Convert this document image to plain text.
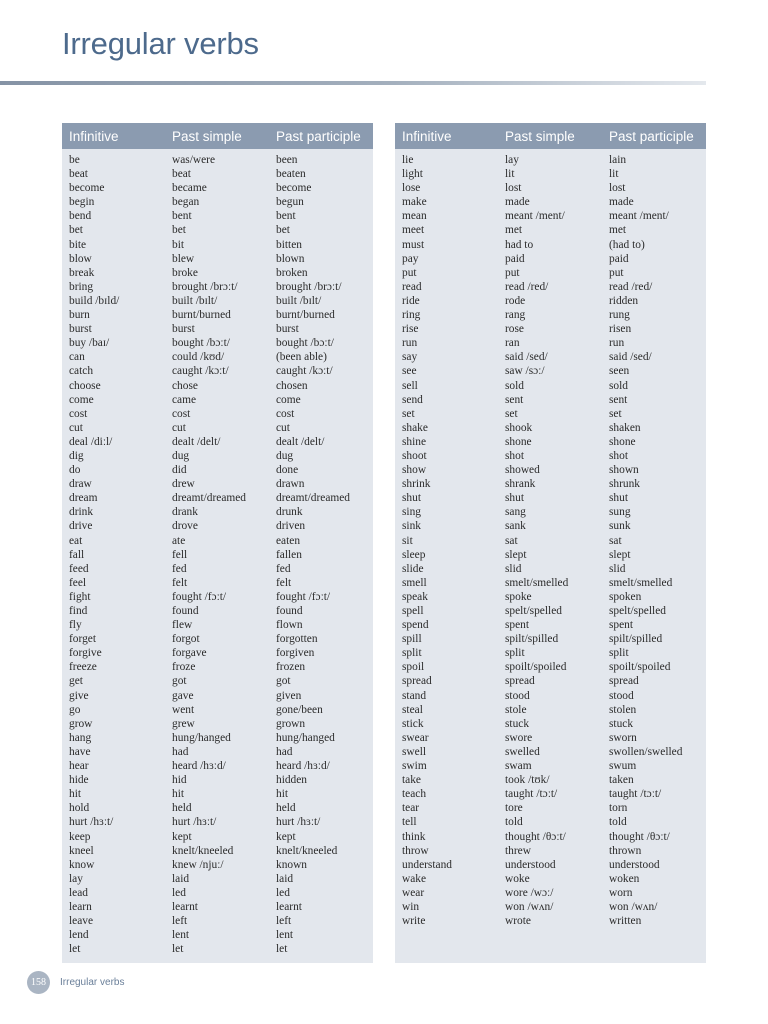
Irregular verbs
Infinitive	Past simple	Past participle
be	was/were	been
beat	beat	beaten
become	became	become
begin	began	begun
bend	bent	bent
bet	bet	bet
bite	bit	bitten
blow	blew	blown
break	broke	broken
bring	brought /brɔːt/	brought /brɔːt/
build /bɪld/	built /bɪlt/	built /bɪlt/
burn	burnt/burned	burnt/burned
burst	burst	burst
buy /baɪ/	bought /bɔːt/	bought /bɔːt/
can	could /kʊd/	(been able)
catch	caught /kɔːt/	caught /kɔːt/
choose	chose	chosen
come	came	come
cost	cost	cost
cut	cut	cut
deal /diːl/	dealt /delt/	dealt /delt/
dig	dug	dug
do	did	done
draw	drew	drawn
dream	dreamt/dreamed	dreamt/dreamed
drink	drank	drunk
drive	drove	driven
eat	ate	eaten
fall	fell	fallen
feed	fed	fed
feel	felt	felt
fight	fought /fɔːt/	fought /fɔːt/
find	found	found
fly	flew	flown
forget	forgot	forgotten
forgive	forgave	forgiven
freeze	froze	frozen
get	got	got
give	gave	given
go	went	gone/been
grow	grew	grown
hang	hung/hanged	hung/hanged
have	had	had
hear	heard /hɜːd/	heard /hɜːd/
hide	hid	hidden
hit	hit	hit
hold	held	held
hurt /hɜːt/	hurt /hɜːt/	hurt /hɜːt/
keep	kept	kept
kneel	knelt/kneeled	knelt/kneeled
know	knew /njuː/	known
lay	laid	laid
lead	led	led
learn	learnt	learnt
leave	left	left
lend	lent	lent
let	let	let
Infinitive	Past simple	Past participle
lie	lay	lain
light	lit	lit
lose	lost	lost
make	made	made
mean	meant /ment/	meant /ment/
meet	met	met
must	had to	(had to)
pay	paid	paid
put	put	put
read	read /red/	read /red/
ride	rode	ridden
ring	rang	rung
rise	rose	risen
run	ran	run
say	said /sed/	said /sed/
see	saw /sɔː/	seen
sell	sold	sold
send	sent	sent
set	set	set
shake	shook	shaken
shine	shone	shone
shoot	shot	shot
show	showed	shown
shrink	shrank	shrunk
shut	shut	shut
sing	sang	sung
sink	sank	sunk
sit	sat	sat
sleep	slept	slept
slide	slid	slid
smell	smelt/smelled	smelt/smelled
speak	spoke	spoken
spell	spelt/spelled	spelt/spelled
spend	spent	spent
spill	spilt/spilled	spilt/spilled
split	split	split
spoil	spoilt/spoiled	spoilt/spoiled
spread	spread	spread
stand	stood	stood
steal	stole	stolen
stick	stuck	stuck
swear	swore	sworn
swell	swelled	swollen/swelled
swim	swam	swum
take	took /tʊk/	taken
teach	taught /tɔːt/	taught /tɔːt/
tear	tore	torn
tell	told	told
think	thought /θɔːt/	thought /θɔːt/
throw	threw	thrown
understand	understood	understood
wake	woke	woken
wear	wore /wɔː/	worn
win	won /wʌn/	won /wʌn/
write	wrote	written
158	Irregular verbs
